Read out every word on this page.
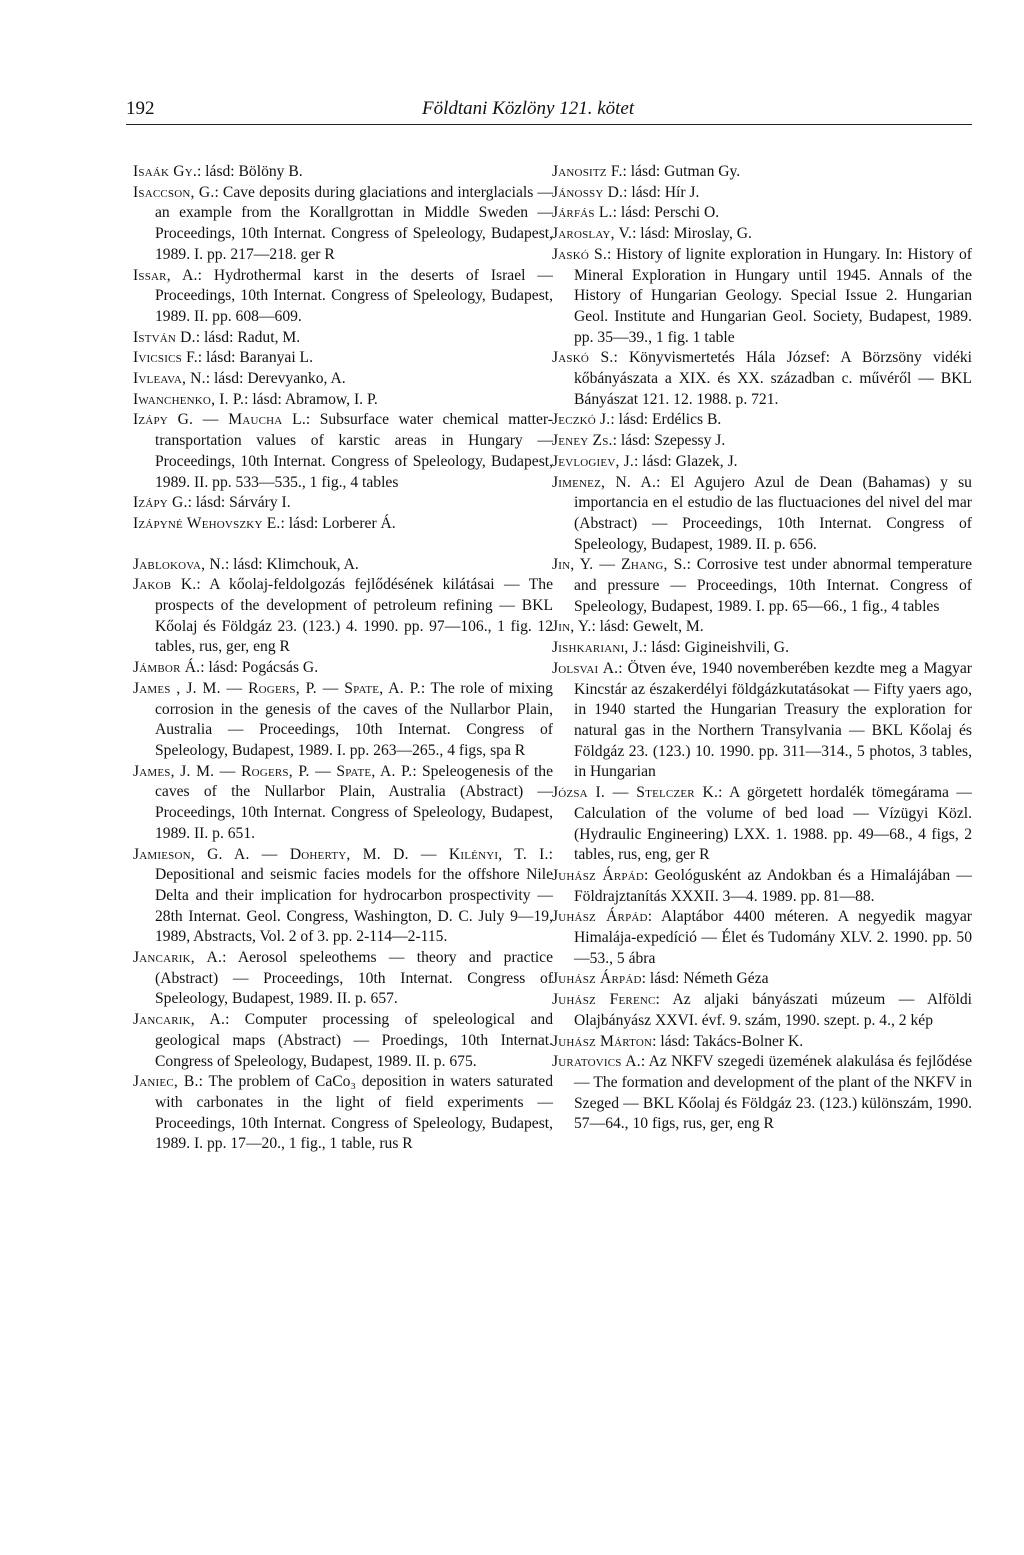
192	Földtani Közlöny 121. kötet

Isaák Gy.: lásd: Bölöny B.

Isaccson, G.: Cave deposits during glaciations and interglacials — an example from the Korallgrottan in Middle Sweden — Proceedings, 10th Internat. Congress of Speleology, Budapest, 1989. I. pp. 217—218. ger R

Issar, A.: Hydrothermal karst in the deserts of Israel — Proceedings, 10th Internat. Congress of Speleology, Budapest, 1989. II. pp. 608—609.

István D.: lásd: Radut, M.

Ivicsics F.: lásd: Baranyai L.

Ivleava, N.: lásd: Derevyanko, A.

Iwanchenko, I. P.: lásd: Abramow, I. P.

Izápy G. — Maucha L.: Subsurface water chemical matter-transportation values of karstic areas in Hungary — Proceedings, 10th Internat. Congress of Speleology, Budapest, 1989. II. pp. 533—535., 1 fig., 4 tables

Izápy G.: lásd: Sárváry I.

Izápyné Wehovszky E.: lásd: Lorberer Á.

Jablokova, N.: lásd: Klimchouk, A.

Jakob K.: A kőolaj-feldolgozás fejlődésének kilátásai — The prospects of the development of petroleum refining — BKL Kőolaj és Földgáz 23. (123.) 4. 1990. pp. 97—106., 1 fig. 12 tables, rus, ger, eng R

Jámbor Á.: lásd: Pogácsás G.

James , J. M. — Rogers, P. — Spate, A. P.: The role of mixing corrosion in the genesis of the caves of the Nullarbor Plain, Australia — Proceedings, 10th Internat. Congress of Speleology, Budapest, 1989. I. pp. 263—265., 4 figs, spa R

James, J. M. — Rogers, P. — Spate, A. P.: Speleogenesis of the caves of the Nullarbor Plain, Australia (Abstract) — Proceedings, 10th Internat. Congress of Speleology, Budapest, 1989. II. p. 651.

Jamieson, G. A. — Doherty, M. D. — Kilényi, T. I.: Depositional and seismic facies models for the offshore Nile Delta and their implication for hydrocarbon prospectivity — 28th Internat. Geol. Congress, Washington, D. C. July 9—19, 1989, Abstracts, Vol. 2 of 3. pp. 2-114—2-115.

Jancarik, A.: Aerosol speleothems — theory and practice (Abstract) — Proceedings, 10th Internat. Congress of Speleology, Budapest, 1989. II. p. 657.

Jancarik, A.: Computer processing of speleological and geological maps (Abstract) — Proedings, 10th Internat. Congress of Speleology, Budapest, 1989. II. p. 675.

Janiec, B.: The problem of CaCo₃ deposition in waters saturated with carbonates in the light of field experiments — Proceedings, 10th Internat. Congress of Speleology, Budapest, 1989. I. pp. 17—20., 1 fig., 1 table, rus R

Janositz F.: lásd: Gutman Gy.

Jánossy D.: lásd: Hír J.

Járfás L.: lásd: Perschi O.

Jaroslay, V.: lásd: Miroslay, G.

Jaskó S.: History of lignite exploration in Hungary. In: History of Mineral Exploration in Hungary until 1945. Annals of the History of Hungarian Geology. Special Issue 2. Hungarian Geol. Institute and Hungarian Geol. Society, Budapest, 1989. pp. 35—39., 1 fig. 1 table

Jaskó S.: Könyvismertetés Hála József: A Börzsöny vidéki kőbányászata a XIX. és XX. században c. művéről — BKL Bányászat 121. 12. 1988. p. 721.

Jeczkó J.: lásd: Erdélics B.

Jeney Zs.: lásd: Szepessy J.

Jevlogiev, J.: lásd: Glazek, J.

Jimenez, N. A.: El Agujero Azul de Dean (Bahamas) y su importancia en el estudio de las fluctuaciones del nivel del mar (Abstract) — Proceedings, 10th Internat. Congress of Speleology, Budapest, 1989. II. p. 656.

Jin, Y. — Zhang, S.: Corrosive test under abnormal temperature and pressure — Proceedings, 10th Internat. Congress of Speleology, Budapest, 1989. I. pp. 65—66., 1 fig., 4 tables

Jin, Y.: lásd: Gewelt, M.

Jishkariani, J.: lásd: Gigineishvili, G.

Jolsvai A.: Ötven éve, 1940 novemberében kezdte meg a Magyar Kincstár az északerdélyi földgázkutatásokat — Fifty yaers ago, in 1940 started the Hungarian Treasury the exploration for natural gas in the Northern Transylvania — BKL Kőolaj és Földgáz 23. (123.) 10. 1990. pp. 311—314., 5 photos, 3 tables, in Hungarian

Józsa I. — Stelczer K.: A görgetett hordalék tömegárama — Calculation of the volume of bed load — Vízügyi Közl. (Hydraulic Engineering) LXX. 1. 1988. pp. 49—68., 4 figs, 2 tables, rus, eng, ger R

Juhász Árpád: Geológusként az Andokban és a Himalájában — Földrajztanítás XXXII. 3—4. 1989. pp. 81—88.

Juhász Árpád: Alaptábor 4400 méteren. A negyedik magyar Himalája-expedíció — Élet és Tudomány XLV. 2. 1990. pp. 50—53., 5 ábra

Juhász Árpád: lásd: Németh Géza

Juhász Ferenc: Az aljaki bányászati múzeum — Alföldi Olajbányász XXVI. évf. 9. szám, 1990. szept. p. 4., 2 kép

Juhász Márton: lásd: Takács-Bolner K.

Juratovics A.: Az NKFV szegedi üzemének alakulása és fejlődése — The formation and development of the plant of the NKFV in Szeged — BKL Kőolaj és Földgáz 23. (123.) különszám, 1990. 57—64., 10 figs, rus, ger, eng R
